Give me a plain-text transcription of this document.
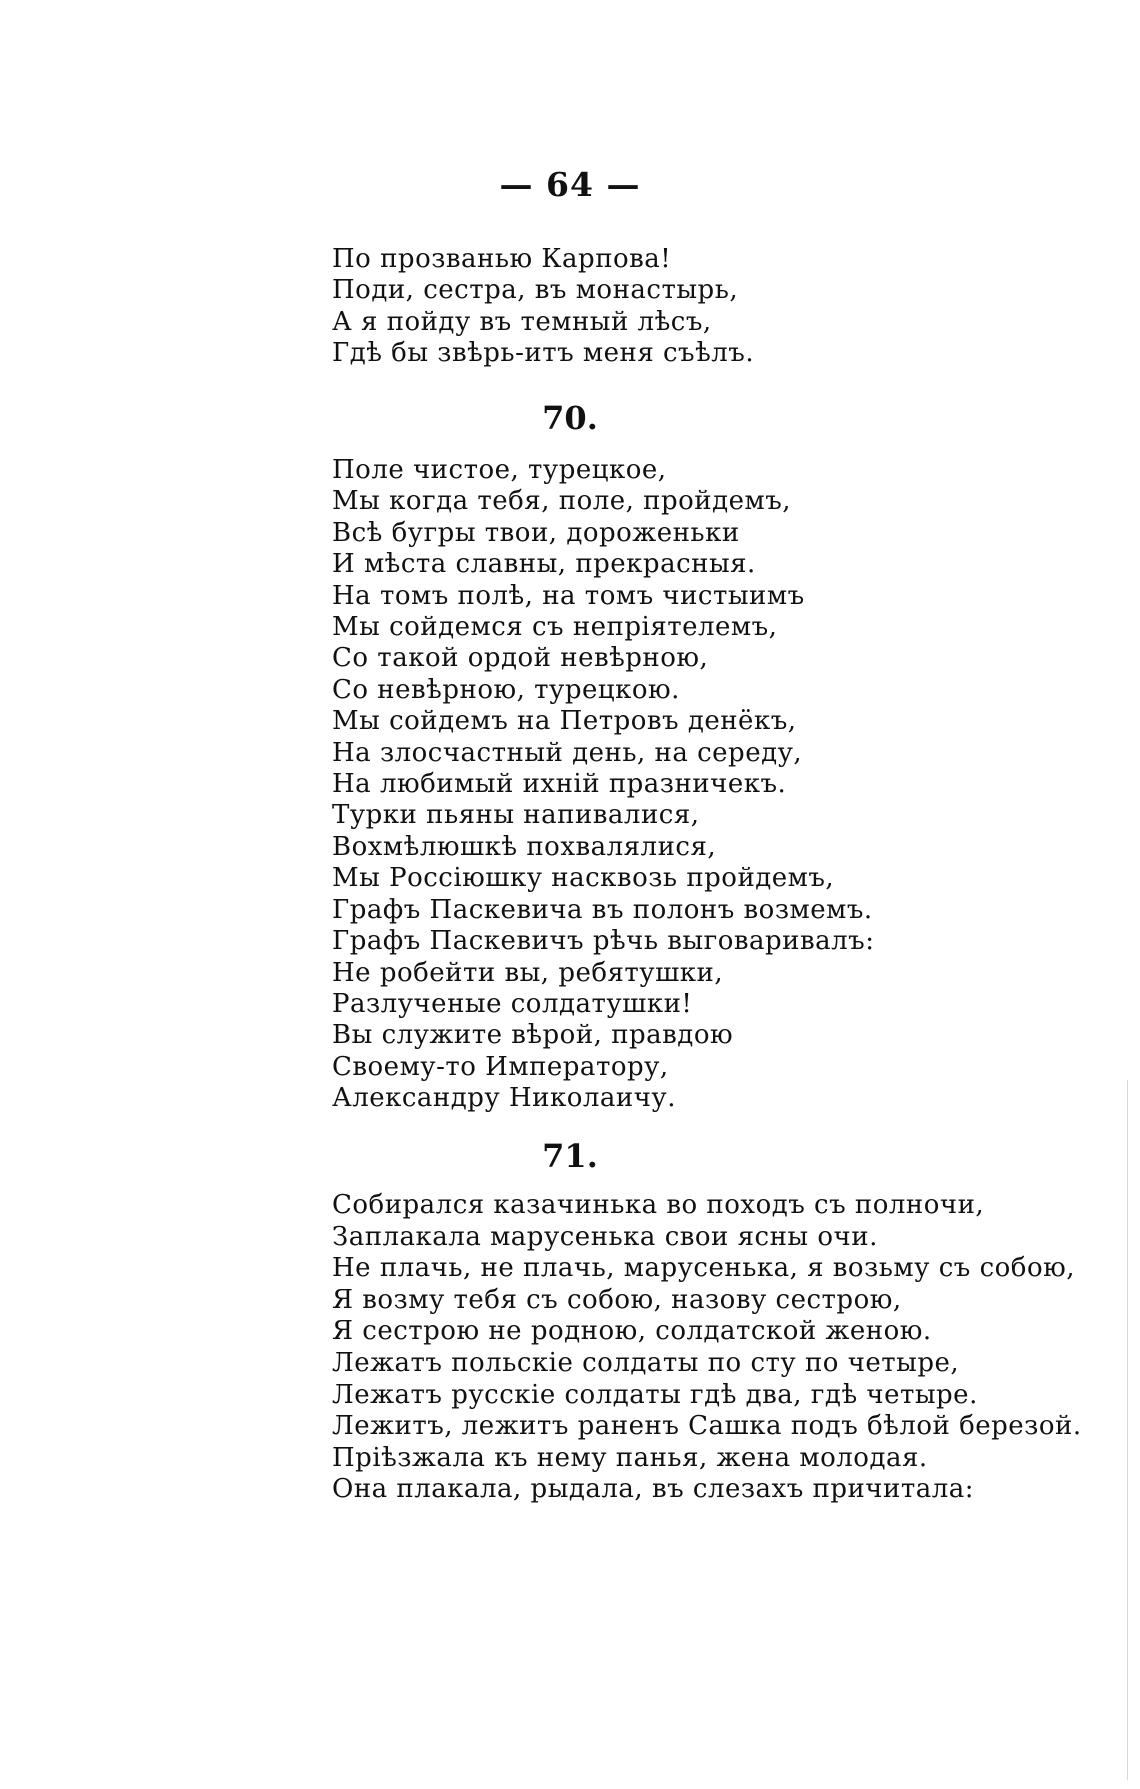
— 64 —
По прозванью Карпова!
Поди, сестра, въ монастырь,
А я пойду въ темный лѣсъ,
Гдѣ бы звѣрь-итъ меня съѣлъ.
70.
Поле чистое, турецкое,
Мы когда тебя, поле, пройдемъ,
Всѣ бугры твои, дороженьки
И мѣста славны, прекрасныя.
На томъ полѣ, на томъ чистыимъ
Мы сойдемся съ непріятелемъ,
Со такой ордой невѣрною,
Со невѣрною, турецкою.
Мы сойдемъ на Петровъ денёкъ,
На злосчастный день, на середу,
На любимый ихній празничекъ.
Турки пьяны напивалися,
Вохмѣлюшкѣ похвалялися,
Мы Россіюшку насквозь пройдемъ,
Графъ Паскевича въ полонъ возмемъ.
Графъ Паскевичъ рѣчь выговаривалъ:
Не робейти вы, ребятушки,
Разлученые солдатушки!
Вы служите вѣрой, правдою
Своему-то Императору,
Александру Николаичу.
71.
Собирался казачинька во походъ съ полночи,
Заплакала марусенька свои ясны очи.
Не плачь, не плачь, марусенька, я возьму съ собою,
Я возму тебя съ собою, назову сестрою,
Я сестрою не родною, солдатской женою.
Лежатъ польскіе солдаты по сту по четыре,
Лежатъ русскіе солдаты гдѣ два, гдѣ четыре.
Лежитъ, лежитъ раненъ Сашка подъ бѣлой березой.
Пріѣзжала къ нему панья, жена молодая.
Она плакала, рыдала, въ слезахъ причитала:
